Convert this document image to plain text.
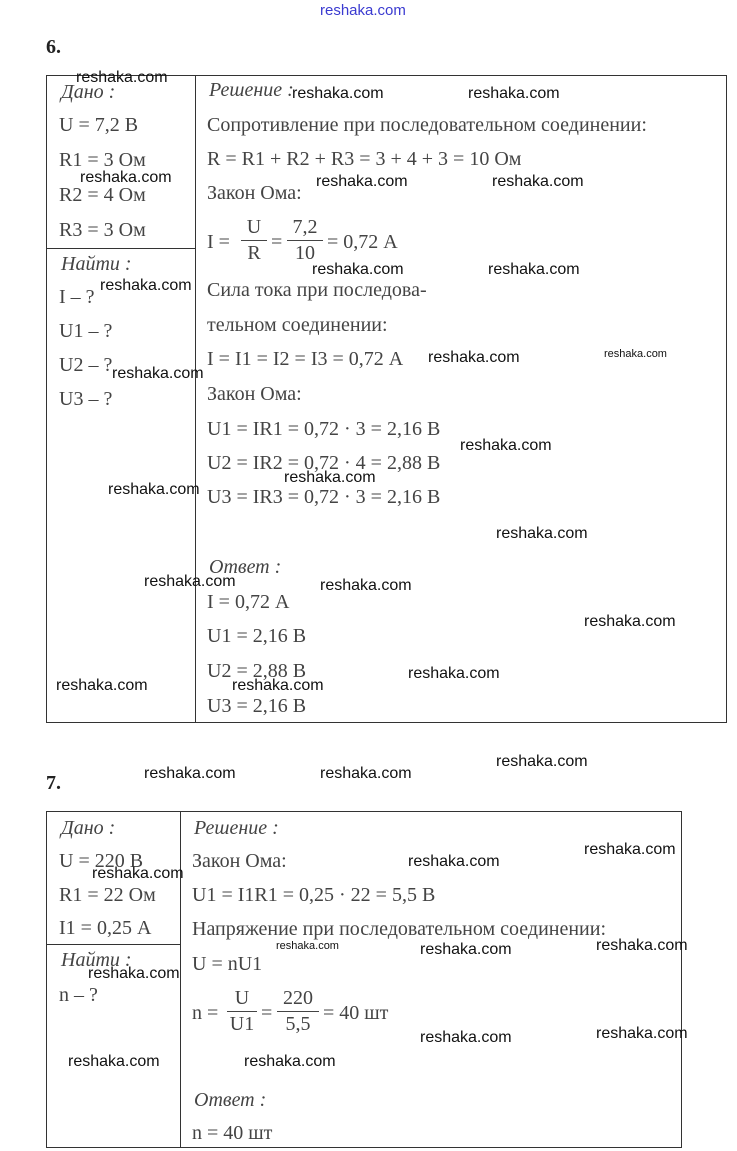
reshaka.com
6.
Дано :
U = 7,2 В
R1 = 3 Ом
R2 = 4 Ом
R3 = 3 Ом
Найти :
I – ?
U1 – ?
U2 – ?
U3 – ?
Решение :
Сопротивление при последовательном соединении:
R = R1 + R2 + R3 = 3 + 4 + 3 = 10 Ом
Закон Ома:
I =
U
R =
7,2
10 = 0,72 А
Сила тока при последова-
тельном соединении:
I = I1 = I2 = I3 = 0,72 А
Закон Ома:
U1 = IR1 = 0,72 · 3 = 2,16 В
U2 = IR2 = 0,72 · 4 = 2,88 В
U3 = IR3 = 0,72 · 3 = 2,16 В
Ответ :
I = 0,72 А
U1 = 2,16 В
U2 = 2,88 В
U3 = 2,16 В
7.
Дано :
U = 220 В
R1 = 22 Ом
I1 = 0,25 А
Найти :
n – ?
Решение :
Закон Ома:
U1 = I1R1 = 0,25 · 22 = 5,5 В
Напряжение при последовательном соединении:
U = nU1
n =
U
U1 =
220
5,5 = 40 шт
Ответ :
n = 40 шт
reshaka.com
reshaka.com	reshaka.com
reshaka.com	reshaka.com	reshaka.com
reshaka.com	reshaka.com
reshaka.com
reshaka.com	reshaka.com
reshaka.com
reshaka.com
reshaka.com
reshaka.com
reshaka.com
reshaka.com	reshaka.com
reshaka.com
reshaka.com
reshaka.com	reshaka.com
reshaka.com
reshaka.com	reshaka.com
reshaka.com
reshaka.com
reshaka.com
reshaka.com	reshaka.com
reshaka.com
reshaka.com
reshaka.com
reshaka.com
reshaka.com	reshaka.com
